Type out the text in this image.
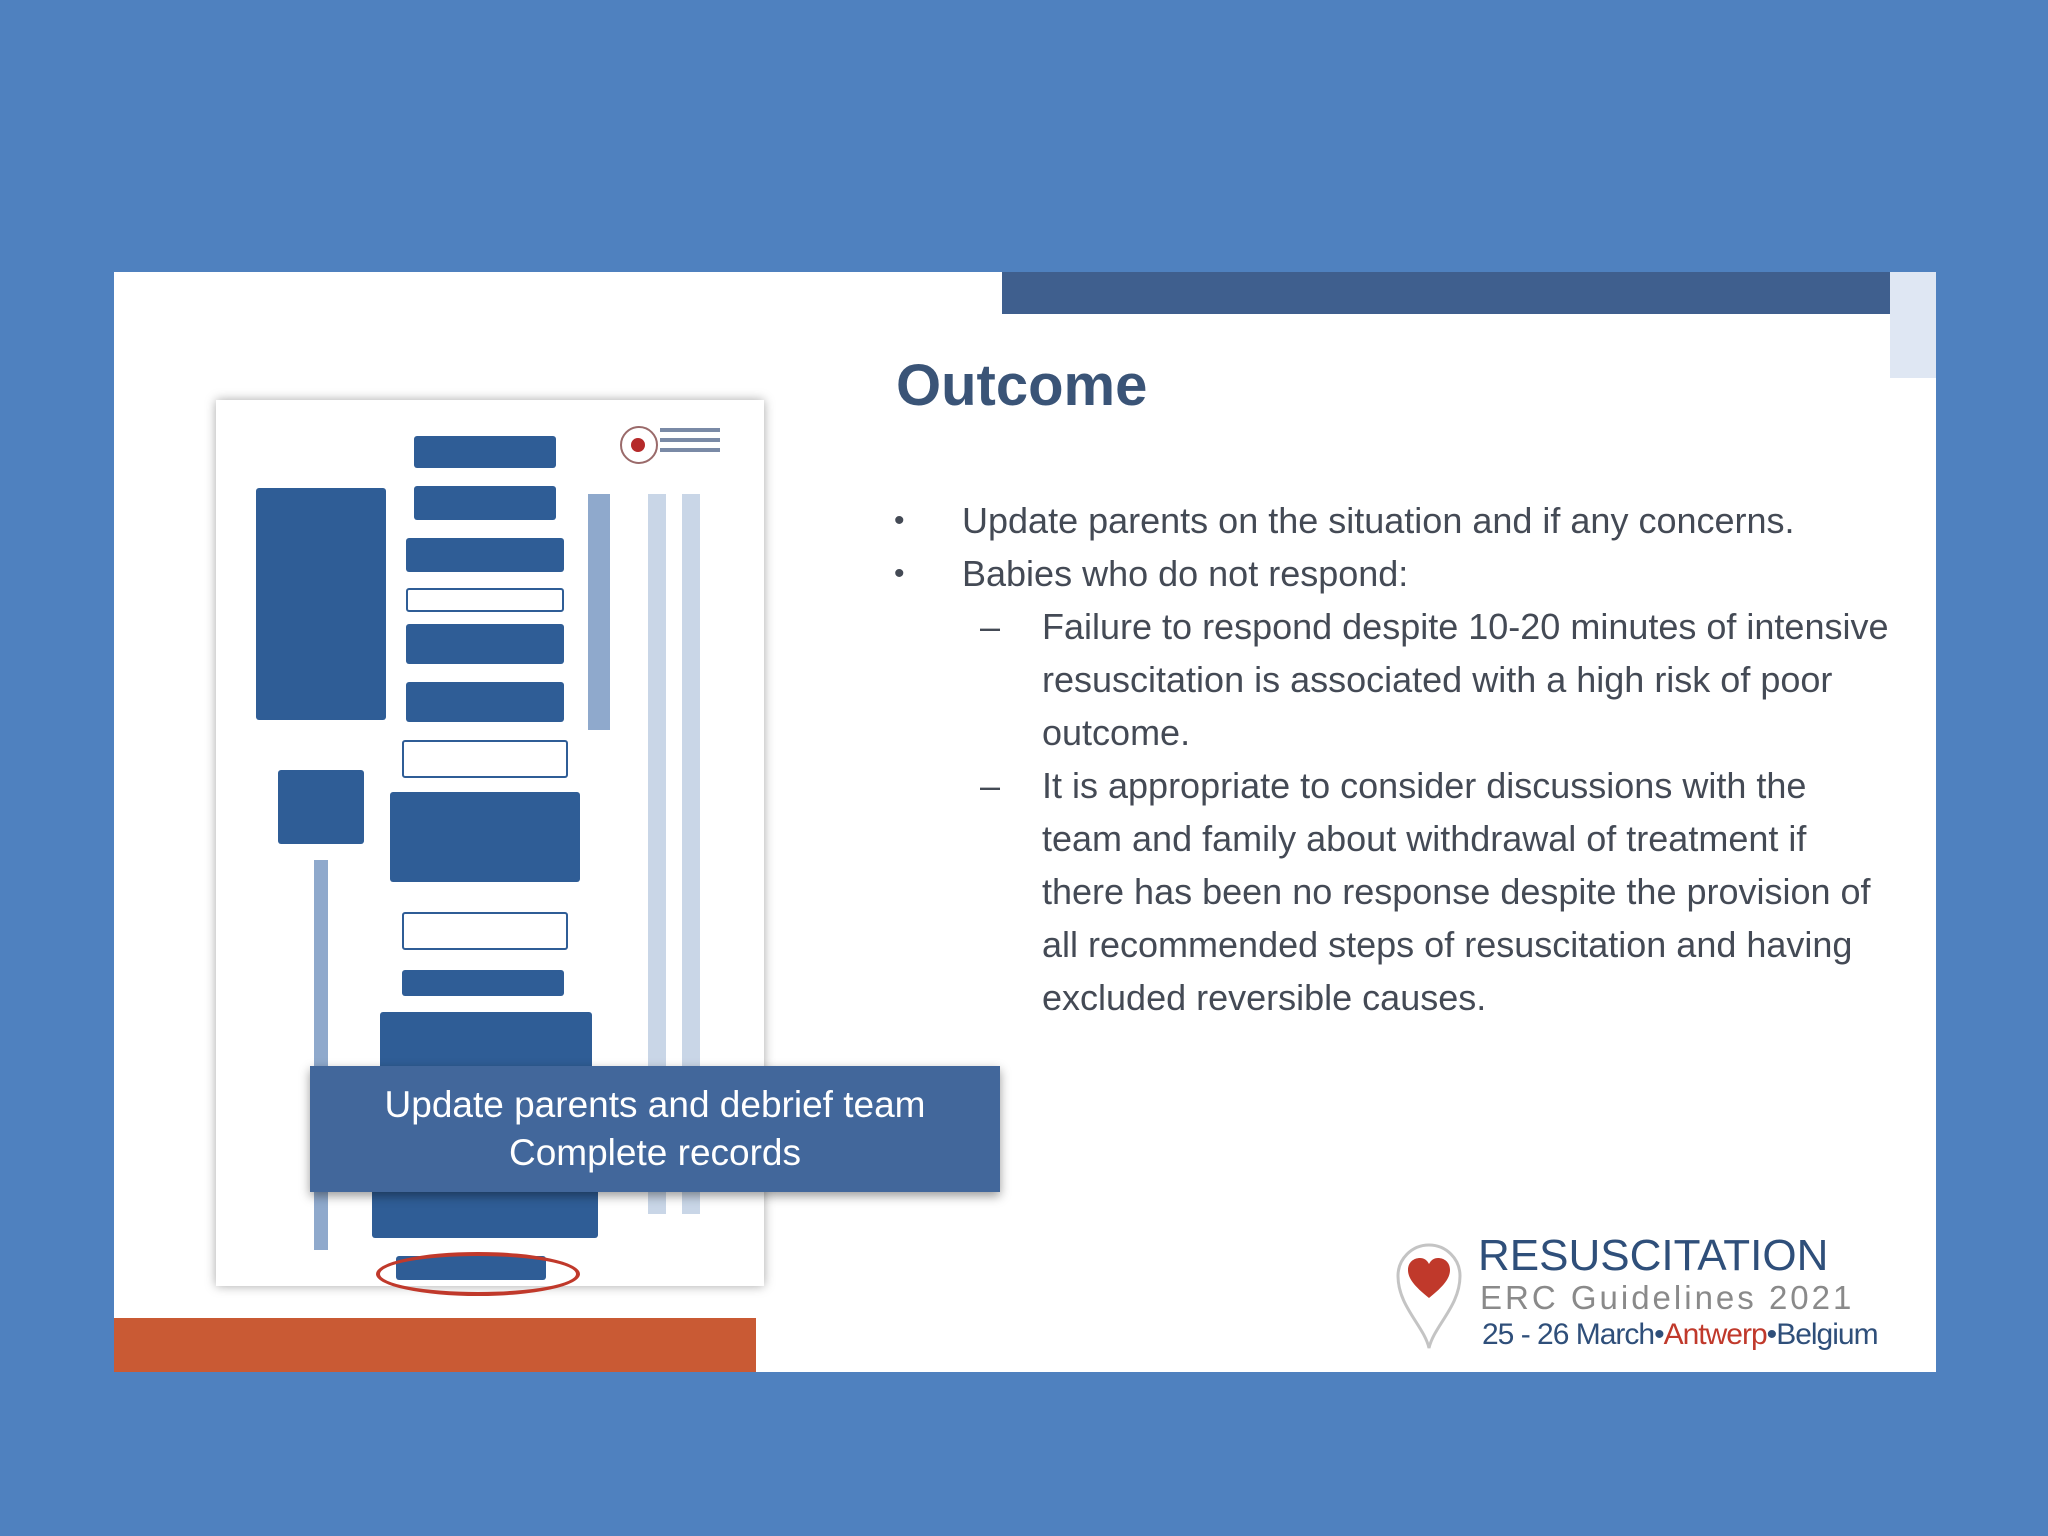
Update parents and debrief team
Complete records
Outcome
• Update parents on the situation and if any concerns.
• Babies who do not respond:
– Failure to respond despite 10-20 minutes of intensive resuscitation is associated with a high risk of poor outcome.
– It is appropriate to consider discussions with the team and family about withdrawal of treatment if there has been no response despite the provision of all recommended steps of resuscitation and having excluded reversible causes.
RESUSCITATION
ERC Guidelines 2021
25 - 26 March•Antwerp•Belgium
